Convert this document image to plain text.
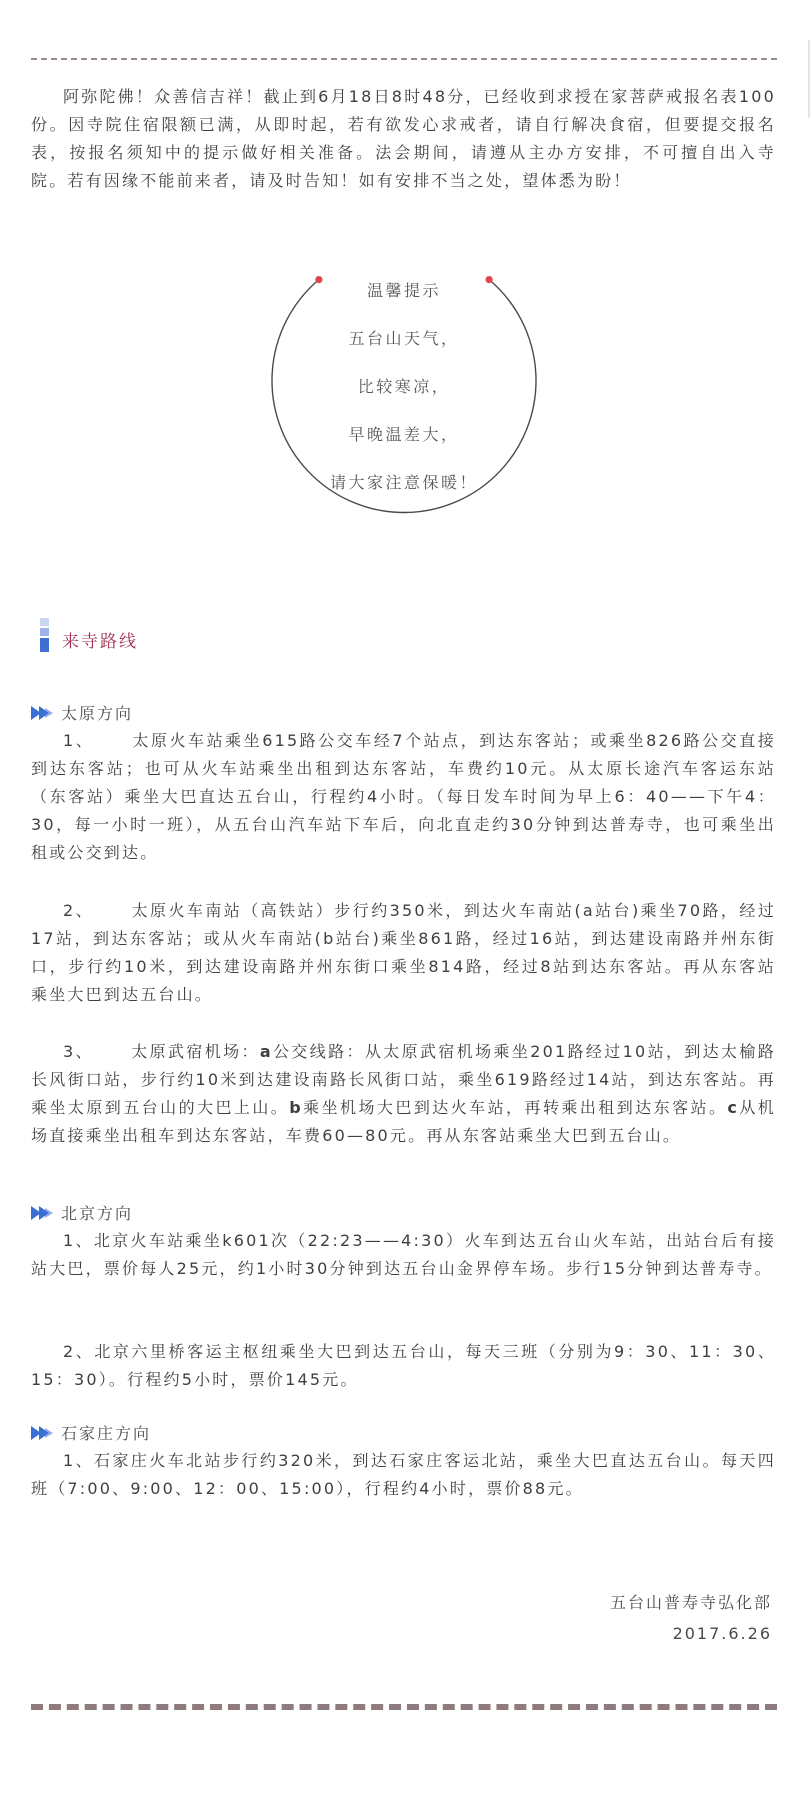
阿弥陀佛！众善信吉祥！截止到6月18日8时48分，已经收到求授在家菩萨戒报名表100份。因寺院住宿限额已满，从即时起，若有欲发心求戒者，请自行解决食宿，但要提交报名表，按报名须知中的提示做好相关准备。法会期间，请遵从主办方安排，不可擅自出入寺院。若有因缘不能前来者，请及时告知！如有安排不当之处，望体悉为盼！

温馨提示
五台山天气，
比较寒凉，
早晚温差大，
请大家注意保暖！
来寺路线
太原方向

1、 太原火车站乘坐615路公交车经7个站点，到达东客站；或乘坐826路公交直接到达东客站；也可从火车站乘坐出租到达东客站，车费约10元。从太原长途汽车客运东站（东客站）乘坐大巴直达五台山，行程约4小时。（每日发车时间为早上6：40——下午4：30，每一小时一班），从五台山汽车站下车后，向北直走约30分钟到达普寿寺，也可乘坐出租或公交到达。

2、 太原火车南站（高铁站）步行约350米，到达火车南站(a站台)乘坐70路，经过17站，到达东客站；或从火车南站(b站台)乘坐861路，经过16站，到达建设南路并州东街口，步行约10米，到达建设南路并州东街口乘坐814路，经过8站到达东客站。再从东客站乘坐大巴到达五台山。

3、 太原武宿机场：a公交线路：从太原武宿机场乘坐201路经过10站，到达太榆路长风街口站，步行约10米到达建设南路长风街口站，乘坐619路经过14站，到达东客站。再乘坐太原到五台山的大巴上山。b乘坐机场大巴到达火车站，再转乘出租到达东客站。c从机场直接乘坐出租车到达东客站，车费60—80元。再从东客站乘坐大巴到五台山。

北京方向

1、北京火车站乘坐k601次（22:23——4:30）火车到达五台山火车站，出站台后有接站大巴，票价每人25元，约1小时30分钟到达五台山金界停车场。步行15分钟到达普寿寺。

2、北京六里桥客运主枢纽乘坐大巴到达五台山，每天三班（分别为9：30、11：30、15：30）。行程约5小时，票价145元。

石家庄方向

1、石家庄火车北站步行约320米，到达石家庄客运北站，乘坐大巴直达五台山。每天四班（7:00、9:00、12：00、15:00），行程约4小时，票价88元。

五台山普寿寺弘化部
2017.6.26
